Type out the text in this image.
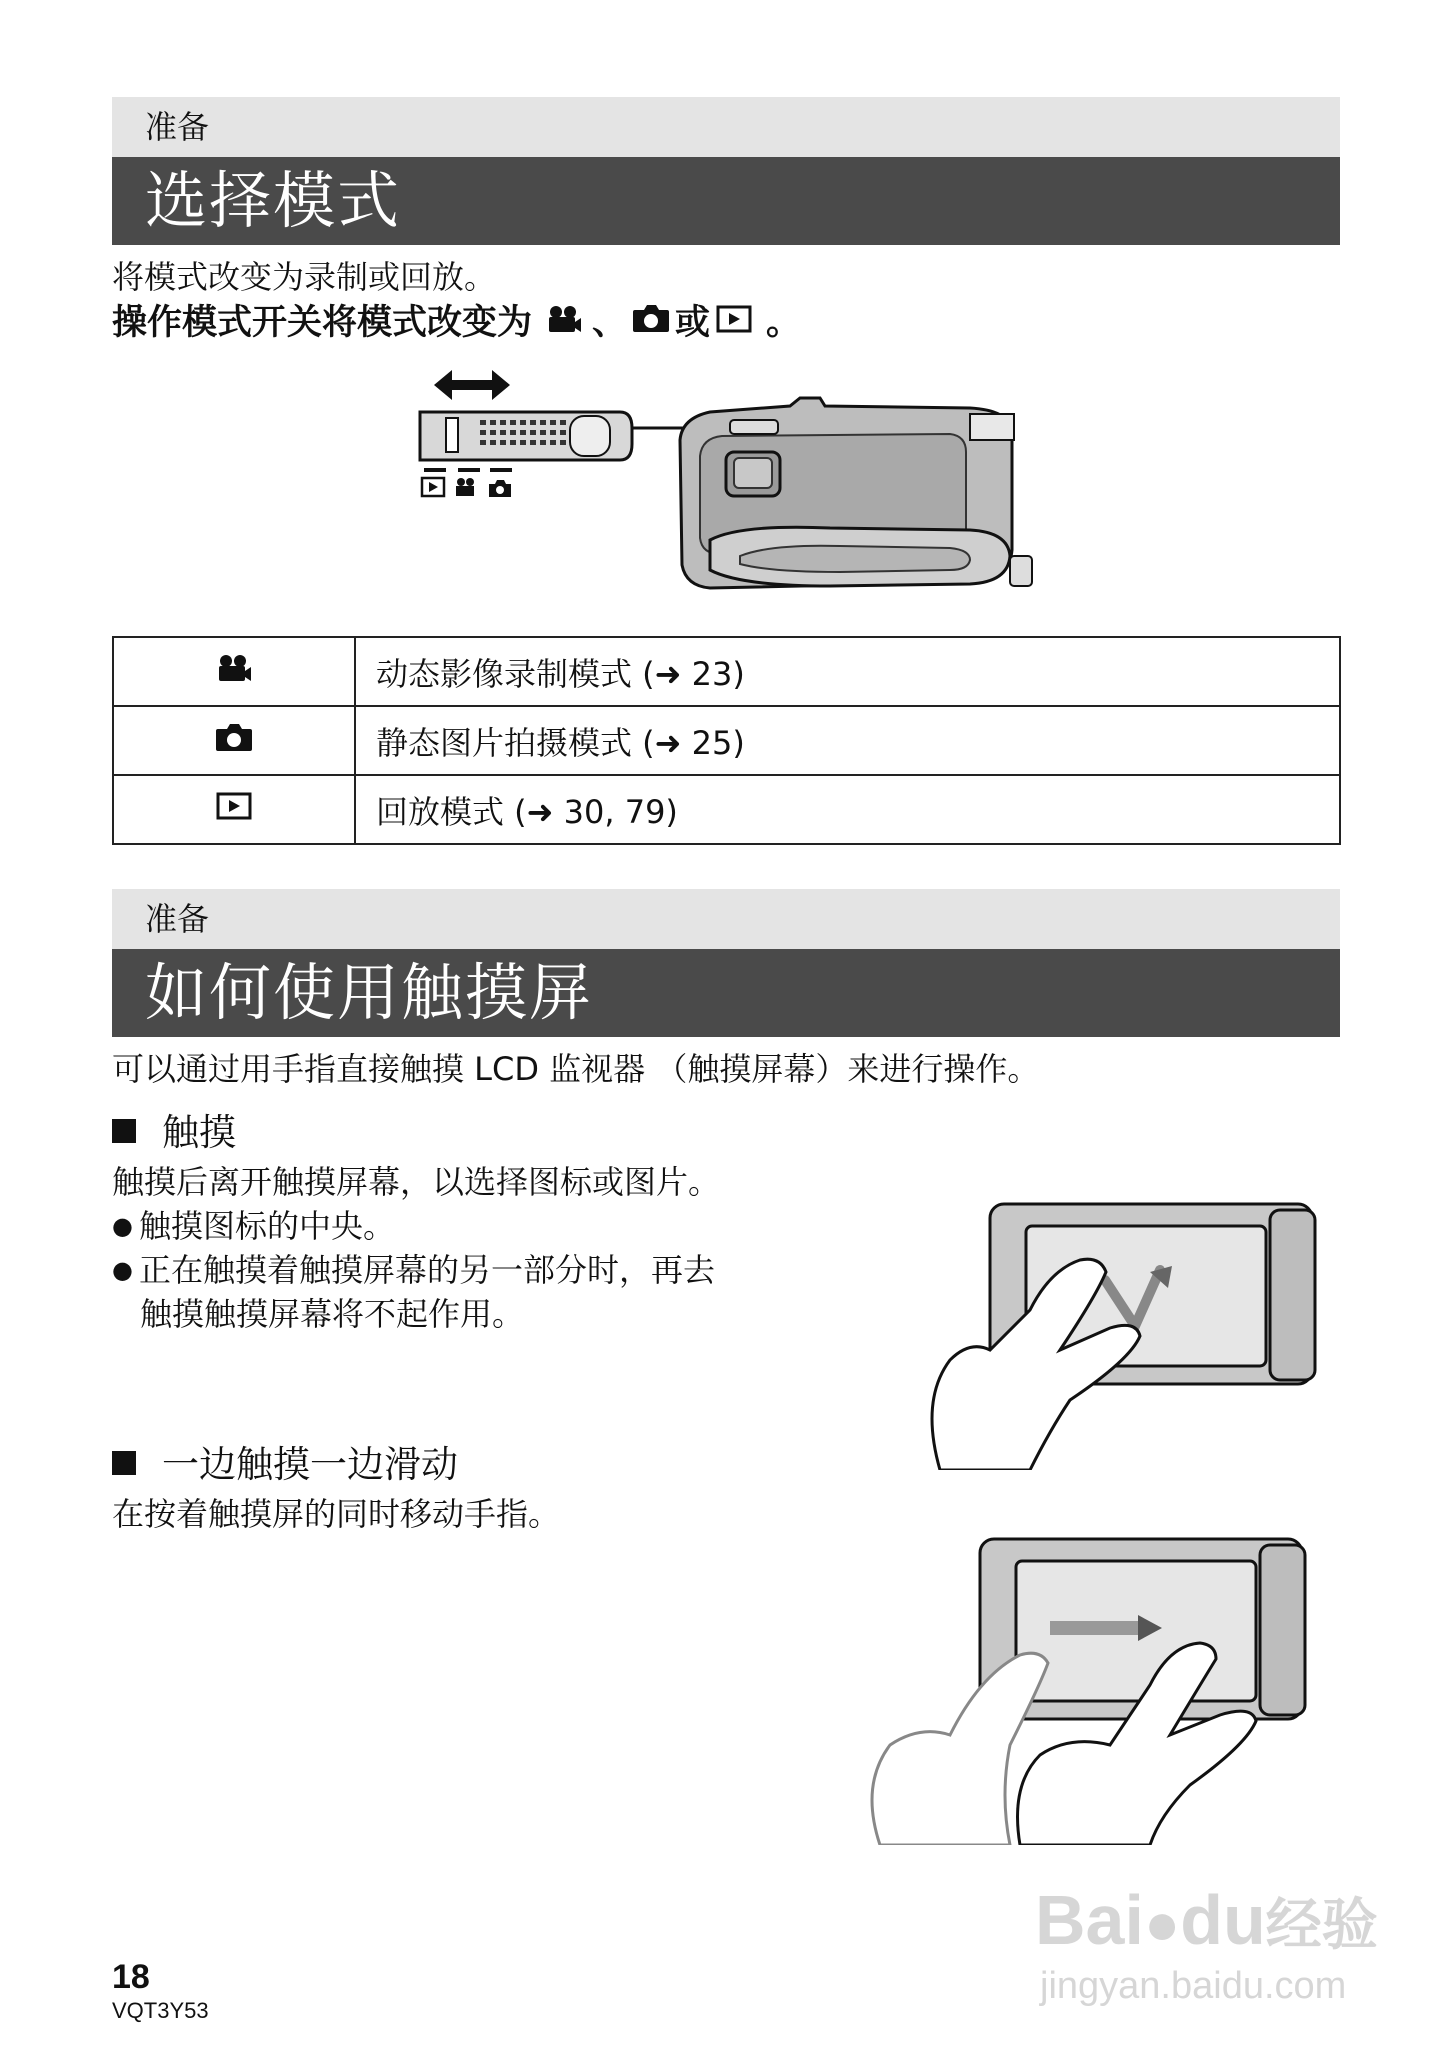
准备
选择模式
将模式改变为录制或回放。
操作模式开关将模式改变为 、 或 。
	动态影像录制模式 (➜ 23)
	静态图片拍摄模式 (➜ 25)
	回放模式 (➜ 30, 79)
准备
如何使用触摸屏
可以通过用手指直接触摸 LCD 监视器 （触摸屏幕）来进行操作。
触摸
触摸后离开触摸屏幕，以选择图标或图片。
● 触摸图标的中央。
● 正在触摸着触摸屏幕的另一部分时，再去
触摸触摸屏幕将不起作用。
一边触摸一边滑动
在按着触摸屏的同时移动手指。
18
VQT3Y53
Bai●du经验
jingyan.baidu.com
